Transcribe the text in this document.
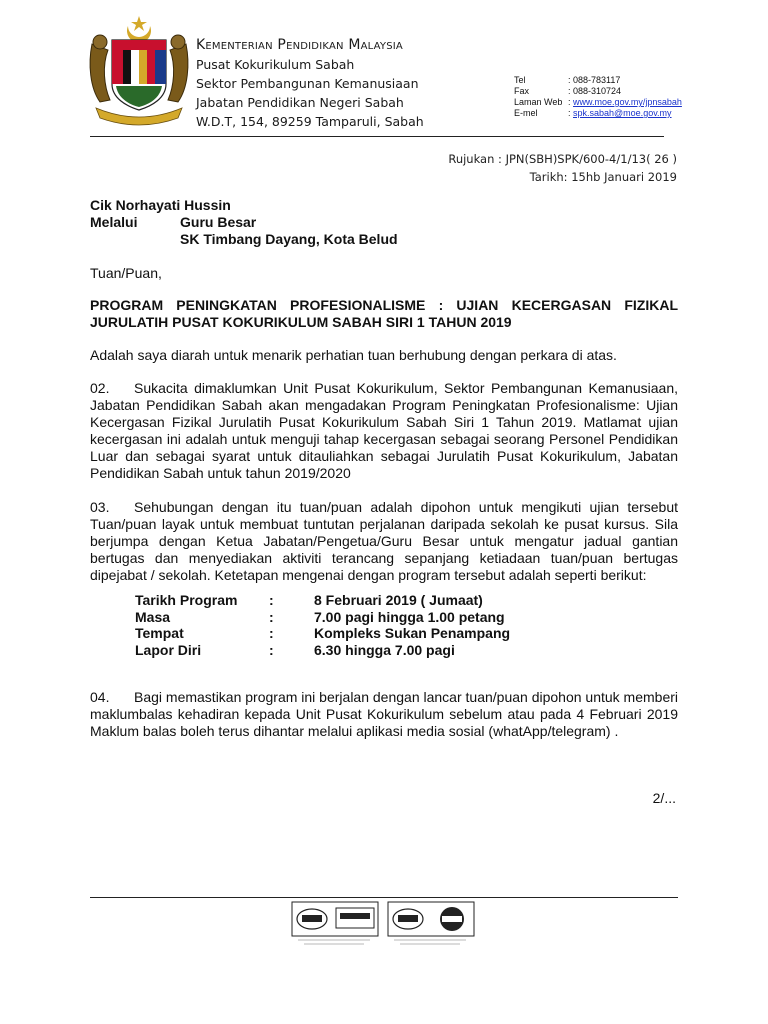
Kementerian Pendidikan Malaysia
Pusat Kokurikulum Sabah
Sektor Pembangunan Kemanusiaan
Jabatan Pendidikan Negeri Sabah
W.D.T, 154, 89259 Tamparuli, Sabah
Tel	: 088-783117
Fax	: 088-310724
Laman Web : www.moe.gov.my/jpnsabah
E-mel	: spk.sabah@moe.gov.my
Rujukan : JPN(SBH)SPK/600-4/1/13( 26 )
Tarikh: 15hb Januari 2019
Cik Norhayati Hussin
Melalui	Guru Besar
SK Timbang Dayang, Kota Belud
Tuan/Puan,
PROGRAM PENINGKATAN PROFESIONALISME : UJIAN KECERGASAN FIZIKAL JURULATIH PUSAT KOKURIKULUM SABAH SIRI 1 TAHUN 2019
Adalah saya diarah untuk menarik perhatian tuan berhubung dengan perkara di atas.
02. Sukacita dimaklumkan Unit Pusat Kokurikulum, Sektor Pembangunan Kemanusiaan, Jabatan Pendidikan Sabah akan mengadakan Program Peningkatan Profesionalisme: Ujian Kecergasan Fizikal Jurulatih Pusat Kokurikulum Sabah Siri 1 Tahun 2019. Matlamat ujian kecergasan ini adalah untuk menguji tahap kecergasan sebagai seorang Personel Pendidikan Luar dan sebagai syarat untuk ditauliahkan sebagai Jurulatih Pusat Kokurikulum, Jabatan Pendidikan Sabah untuk tahun 2019/2020
03. Sehubungan dengan itu tuan/puan adalah dipohon untuk mengikuti ujian tersebut Tuan/puan layak untuk membuat tuntutan perjalanan daripada sekolah ke pusat kursus. Sila berjumpa dengan Ketua Jabatan/Pengetua/Guru Besar untuk mengatur jadual gantian bertugas dan menyediakan aktiviti terancang sepanjang ketiadaan tuan/puan bertugas dipejabat / sekolah. Ketetapan mengenai dengan program tersebut adalah seperti berikut:
Tarikh Program	:	8 Februari 2019 ( Jumaat)
Masa	:	7.00 pagi hingga 1.00 petang
Tempat	:	Kompleks Sukan Penampang
Lapor Diri	:	6.30 hingga 7.00 pagi
04. Bagi memastikan program ini berjalan dengan lancar tuan/puan dipohon untuk memberi maklumbalas kehadiran kepada Unit Pusat Kokurikulum sebelum atau pada 4 Februari 2019 Maklum balas boleh terus dihantar melalui aplikasi media sosial (whatApp/telegram) .
2/...
